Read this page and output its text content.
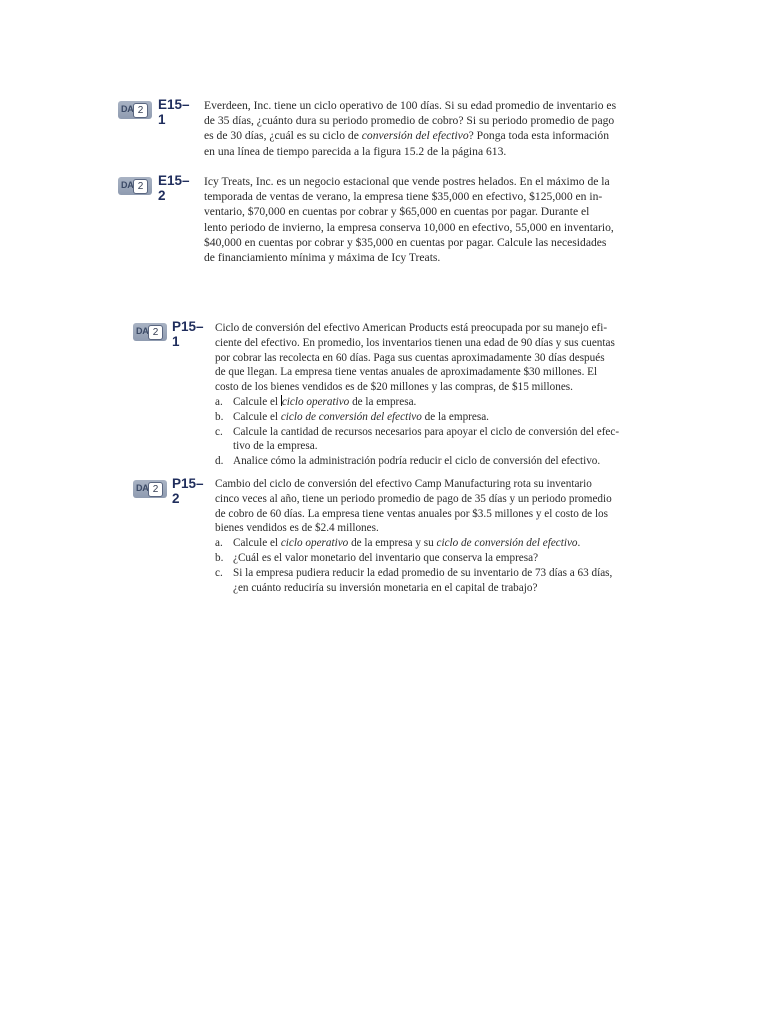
DA 2	E15–1
Everdeen, Inc. tiene un ciclo operativo de 100 días. Si su edad promedio de inventario es
de 35 días, ¿cuánto dura su periodo promedio de cobro? Si su periodo promedio de pago
es de 30 días, ¿cuál es su ciclo de conversión del efectivo? Ponga toda esta información
en una línea de tiempo parecida a la figura 15.2 de la página 613.
DA 2	E15–2
Icy Treats, Inc. es un negocio estacional que vende postres helados. En el máximo de la
temporada de ventas de verano, la empresa tiene $35,000 en efectivo, $125,000 en in-
ventario, $70,000 en cuentas por cobrar y $65,000 en cuentas por pagar. Durante el
lento periodo de invierno, la empresa conserva 10,000 en efectivo, 55,000 en inventario,
$40,000 en cuentas por cobrar y $35,000 en cuentas por pagar. Calcule las necesidades
de financiamiento mínima y máxima de Icy Treats.
DA 2	P15–1
Ciclo de conversión del efectivo American Products está preocupada por su manejo efi-
ciente del efectivo. En promedio, los inventarios tienen una edad de 90 días y sus cuentas
por cobrar las recolecta en 60 días. Paga sus cuentas aproximadamente 30 días después
de que llegan. La empresa tiene ventas anuales de aproximadamente $30 millones. El
costo de los bienes vendidos es de $20 millones y las compras, de $15 millones.
a. Calcule el ciclo operativo de la empresa.
b. Calcule el ciclo de conversión del efectivo de la empresa.
c. Calcule la cantidad de recursos necesarios para apoyar el ciclo de conversión del efec-
tivo de la empresa.
d. Analice cómo la administración podría reducir el ciclo de conversión del efectivo.
DA 2	P15–2
Cambio del ciclo de conversión del efectivo Camp Manufacturing rota su inventario
cinco veces al año, tiene un periodo promedio de pago de 35 días y un periodo promedio
de cobro de 60 días. La empresa tiene ventas anuales por $3.5 millones y el costo de los
bienes vendidos es de $2.4 millones.
a. Calcule el ciclo operativo de la empresa y su ciclo de conversión del efectivo.
b. ¿Cuál es el valor monetario del inventario que conserva la empresa?
c. Si la empresa pudiera reducir la edad promedio de su inventario de 73 días a 63 días,
¿en cuánto reduciría su inversión monetaria en el capital de trabajo?
